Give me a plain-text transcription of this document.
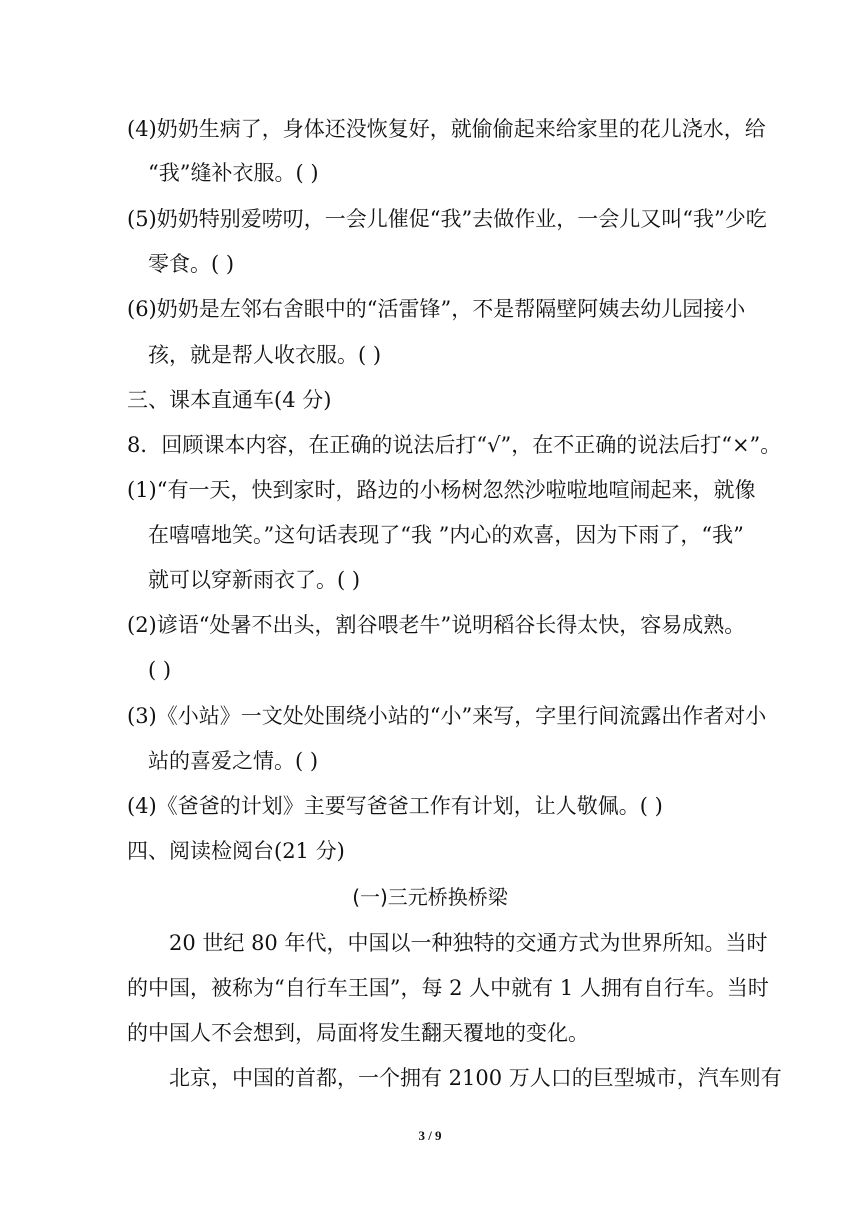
(4)奶奶生病了，身体还没恢复好，就偷偷起来给家里的花儿浇水，给
“我”缝补衣服。( )
(5)奶奶特别爱唠叨，一会儿催促“我”去做作业，一会儿又叫“我”少吃
零食。( )
(6)奶奶是左邻右舍眼中的“活雷锋”，不是帮隔壁阿姨去幼儿园接小
孩，就是帮人收衣服。( )
三、课本直通车(4 分)
8．回顾课本内容，在正确的说法后打“√”，在不正确的说法后打“×”。
(1)“有一天，快到家时，路边的小杨树忽然沙啦啦地喧闹起来，就像
在嘻嘻地笑。”这句话表现了“我 ”内心的欢喜，因为下雨了，“我”
就可以穿新雨衣了。( )
(2)谚语“处暑不出头，割谷喂老牛”说明稻谷长得太快，容易成熟。
( )
(3)《小站》一文处处围绕小站的“小”来写，字里行间流露出作者对小
站的喜爱之情。( )
(4)《爸爸的计划》主要写爸爸工作有计划，让人敬佩。( )
四、阅读检阅台(21 分)
(一)三元桥换桥梁
20 世纪 80 年代，中国以一种独特的交通方式为世界所知。当时
的中国，被称为“自行车王国”，每 2 人中就有 1 人拥有自行车。当时
的中国人不会想到，局面将发生翻天覆地的变化。
北京，中国的首都，一个拥有 2100 万人口的巨型城市，汽车则有
3 / 9
